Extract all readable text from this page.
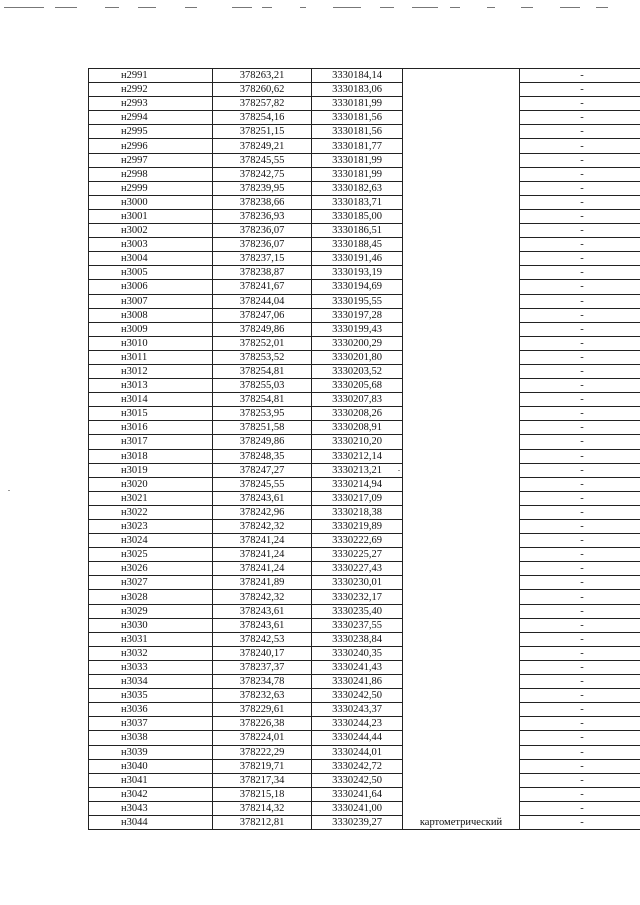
н2991	378263,21	3330184,14		-
н2992	378260,62	3330183,06		-
н2993	378257,82	3330181,99		-
н2994	378254,16	3330181,56		-
н2995	378251,15	3330181,56		-
н2996	378249,21	3330181,77		-
н2997	378245,55	3330181,99		-
н2998	378242,75	3330181,99		-
н2999	378239,95	3330182,63		-
н3000	378238,66	3330183,71		-
н3001	378236,93	3330185,00		-
н3002	378236,07	3330186,51		-
н3003	378236,07	3330188,45		-
н3004	378237,15	3330191,46		-
н3005	378238,87	3330193,19		-
н3006	378241,67	3330194,69		-
н3007	378244,04	3330195,55		-
н3008	378247,06	3330197,28		-
н3009	378249,86	3330199,43		-
н3010	378252,01	3330200,29		-
н3011	378253,52	3330201,80		-
н3012	378254,81	3330203,52		-
н3013	378255,03	3330205,68		-
н3014	378254,81	3330207,83		-
н3015	378253,95	3330208,26		-
н3016	378251,58	3330208,91		-
н3017	378249,86	3330210,20		-
н3018	378248,35	3330212,14		-
н3019	378247,27	3330213,21		-
н3020	378245,55	3330214,94		-
н3021	378243,61	3330217,09		-
н3022	378242,96	3330218,38		-
н3023	378242,32	3330219,89		-
н3024	378241,24	3330222,69		-
н3025	378241,24	3330225,27		-
н3026	378241,24	3330227,43		-
н3027	378241,89	3330230,01		-
н3028	378242,32	3330232,17		-
н3029	378243,61	3330235,40		-
н3030	378243,61	3330237,55		-
н3031	378242,53	3330238,84		-
н3032	378240,17	3330240,35		-
н3033	378237,37	3330241,43		-
н3034	378234,78	3330241,86		-
н3035	378232,63	3330242,50		-
н3036	378229,61	3330243,37		-
н3037	378226,38	3330244,23		-
н3038	378224,01	3330244,44		-
н3039	378222,29	3330244,01		-
н3040	378219,71	3330242,72		-
н3041	378217,34	3330242,50		-
н3042	378215,18	3330241,64		-
н3043	378214,32	3330241,00		-
н3044	378212,81	3330239,27	картометрический	-
